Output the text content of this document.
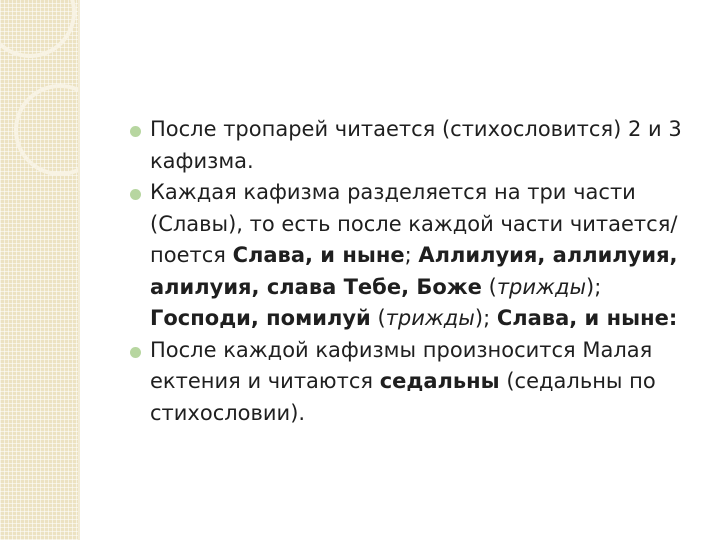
После тропарей читается (стихословится) 2 и 3 кафизма.
Каждая кафизма разделяется на три части (Славы), то есть после каждой части читается/поется Слава, и ныне; Аллилуия, аллилуия, алилуия, слава Тебе, Боже (трижды); Господи, помилуй (трижды); Слава, и ныне:
После каждой кафизмы произносится Малая ектения и читаются седальны (седальны по стихословии).
